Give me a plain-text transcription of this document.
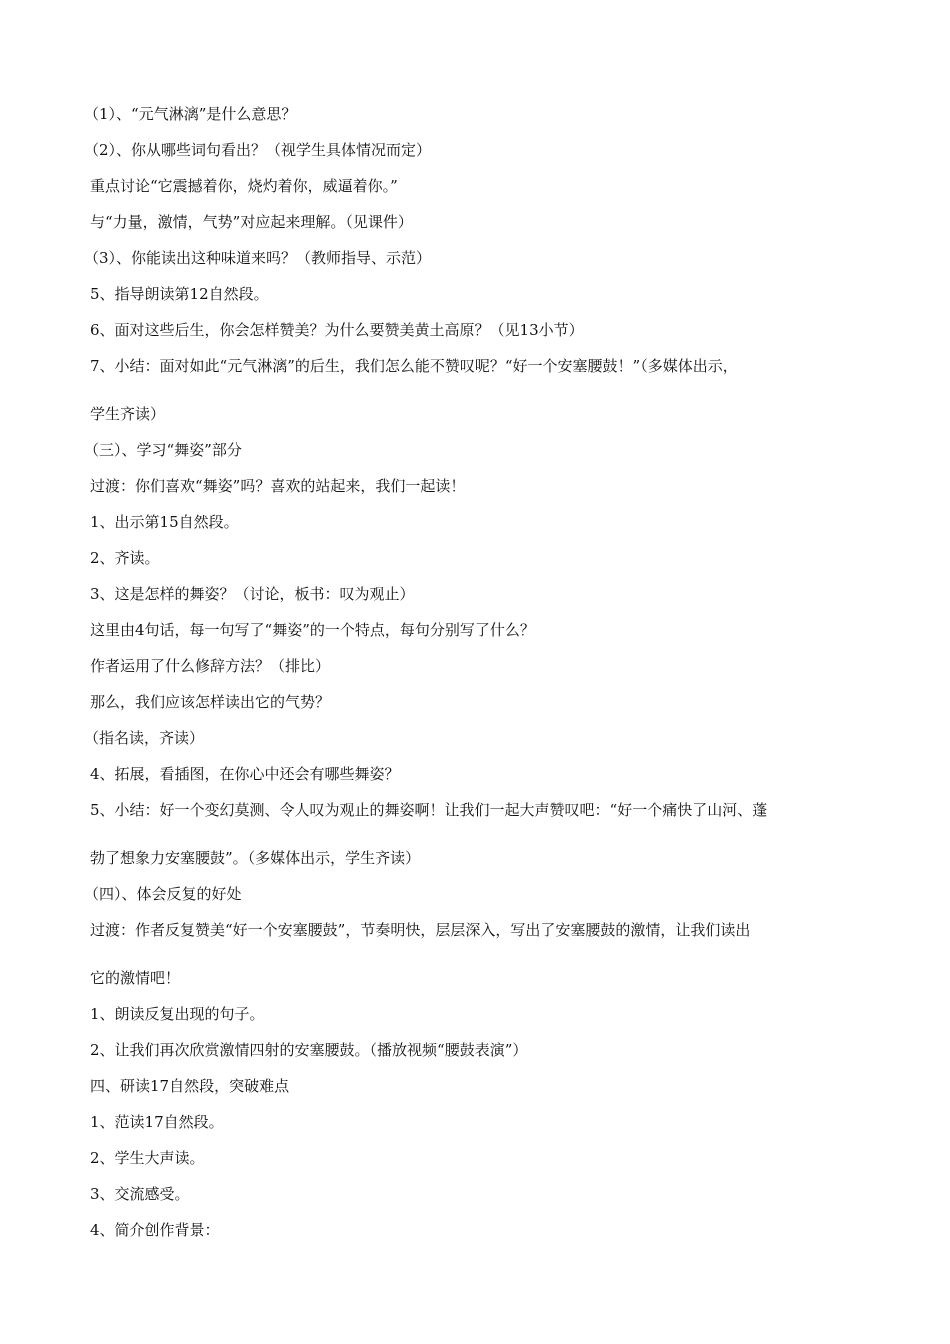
（1）、“元气淋漓”是什么意思？
（2）、你从哪些词句看出？（视学生具体情况而定）
重点讨论“它震撼着你，烧灼着你，威逼着你。”
与“力量，激情，气势”对应起来理解。（见课件）
（3）、你能读出这种味道来吗？（教师指导、示范）
5、指导朗读第12自然段。
6、面对这些后生，你会怎样赞美？为什么要赞美黄土高原？（见13小节）
7、小结：面对如此“元气淋漓”的后生，我们怎么能不赞叹呢？“好一个安塞腰鼓！”（多媒体出示，
学生齐读）
（三）、学习“舞姿”部分
过渡：你们喜欢“舞姿”吗？喜欢的站起来，我们一起读！
1、出示第15自然段。
2、齐读。
3、这是怎样的舞姿？（讨论，板书：叹为观止）
这里由4句话，每一句写了“舞姿”的一个特点，每句分别写了什么？
作者运用了什么修辞方法？（排比）
那么，我们应该怎样读出它的气势？
（指名读，齐读）
4、拓展，看插图，在你心中还会有哪些舞姿？
5、小结：好一个变幻莫测、令人叹为观止的舞姿啊！让我们一起大声赞叹吧：“好一个痛快了山河、蓬
勃了想象力安塞腰鼓”。（多媒体出示，学生齐读）
（四）、体会反复的好处
过渡：作者反复赞美“好一个安塞腰鼓”，节奏明快，层层深入，写出了安塞腰鼓的激情，让我们读出
它的激情吧！
1、朗读反复出现的句子。
2、让我们再次欣赏激情四射的安塞腰鼓。（播放视频“腰鼓表演”）
四、研读17自然段，突破难点
1、范读17自然段。
2、学生大声读。
3、交流感受。
4、简介创作背景：
